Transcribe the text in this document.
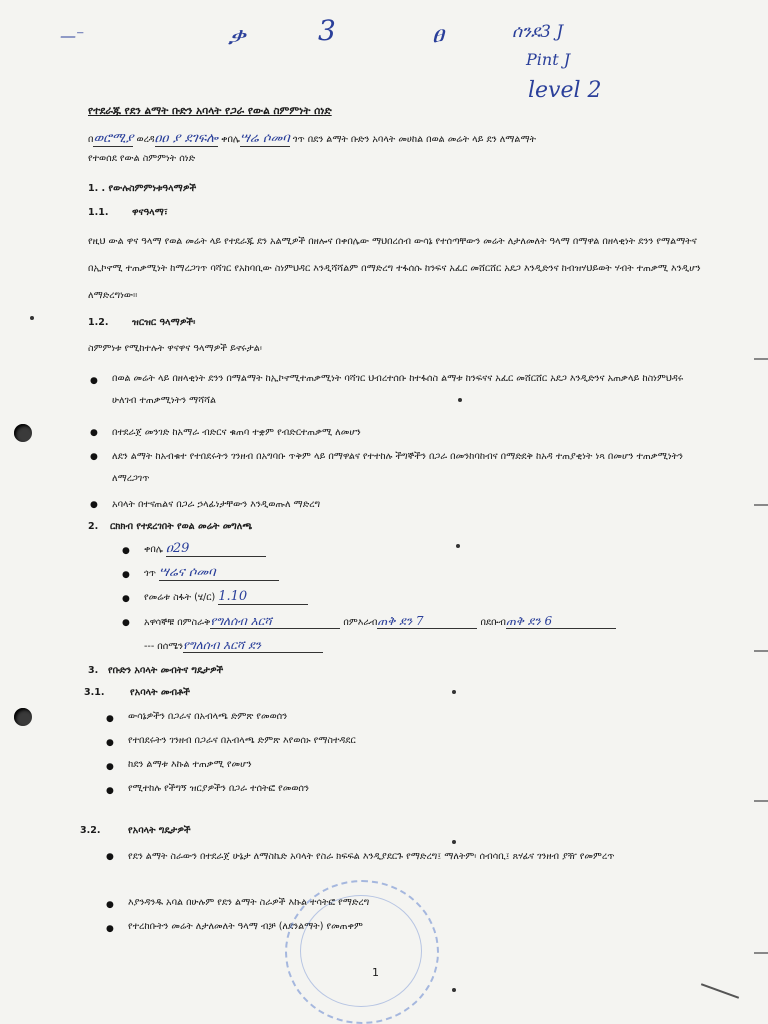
—⁻	ቃ	3	ፀ	ሰንደ3 J
Pint J
level 2
የተደራጁ የደን ልማት ቡድን አባላት የጋራ የውል ስምምነት ሰነድ
በወሮሚያ ወረዳዐዐ ያ ደገፍሎ ቀበሌሣሬ ሶመባ ጎጥ በደን ልማት ቡድን አባላት መሀከል በወል መሬት ላይ ደን ለማልማት
የተወሰደ የውል ስምምነት ሰነድ
1. . የውሉስምምነቱዓላማዎች
1.1. ዋናዓላማ፣
የዚህ ውል ዋና ዓላማ የወል መሬት ላይ የተደራጁ ደን አልሚዎች በዘሎና በቀበሌው ማህበረሰብ ውሳኔ የተሰጣቸውን መሬት ለታለመለት ዓላማ በማዋል በዘላቂነት ደንን የማልማትና በኢኮኖሚ ተጠቃሚነት ከማረጋገጥ ባሻገር የአከባቢው ስነምህዳር እንዲሻሻልም በማድረግ ተፋሰሱ ከንፍና አፈር መሸርሸር አደጋ እንዲድንና ከብዝሃህይወት ሃብት ተጠቃሚ እንዲሆን ለማድረግነው።
1.2. ዝርዝር ዓላማዎች፡
ስምምነቱ የሚከተሉት ዋናዋና ዓላማዎች ይኖሩታል፡
● በወል መሬት ላይ በዘላቂነት ደንን በማልማት ከኢኮኖሚተጠቃሚነት ባሻገር ህብረተሰቡ ከተፋሰስ ልማቱ ከንፍናና አፈር መሸርሸር አደጋ እንዲድንና አጠቃላይ ከስነምህዳሩ ሁለገብ ተጠቃሚነትን ማሻሻል
● በተደራጀ መንገድ ከአማራ ብድርና ቁጠባ ተቋም የብድርተጠቃሚ ለመሆን
● ለደን ልማት ከአብቁተ የተበደሩትን ገንዘብ በአግባቡ ጥቅም ላይ በማዋልና የተተከሉ ችግኞችን በጋራ በመንከባከብና በማድደቅ ከአዳ ተጠያቂነት ነጻ በመሆን ተጠቃሚነትን ለማረጋገጥ
● አባላት በተናጠልና በጋራ ኃላፊነታቸውን እንዲወጡለ ማድረግ
2. ርክክብ የተደረገበት የወል መሬት መግለጫ
● ቀበሌ ዐ29
● ጎጥ ሣሬና ሶመባ
● የመሬቱ ስፋት (ሄ/ር) 1.10
● አዋሳኞቹ በምስራቅየግለሰብ እርሻ	በምእራብጠቅ ደን 7	በደቡብጠቅ ደን 6
--- በሰሜንየግለሰብ እርሻ ደን
3. የቡድን አባላት መብትና ግዴታዎች
3.1.	የአባላት መብቶች
● ውሳኔዎችን በጋራና በአብላጫ ድምጽ የመወሰን
● የተበደሩትን ገንዘብ በጋራና በአብላጫ ድምጽ እየወሰኑ የማስተዳደር
● ከደን ልማቱ እኩል ተጠቃሚ የመሆን
● የሚተከሉ የችግኝ ዝርያዎችን በጋራ ተሰትፎ የመወሰን
3.2.	የአባላት ግዴታዎች
● የደን ልማት ስራውን በተደራጀ ሁኔታ ለማስኬድ አባላት የስራ ክፍፍል እንዲያደርጉ የማድረግ፤ ማለትም፡ ሰብሳቢ፤ ጸሃፊና ገንዘብ ያዥ የመምረጥ
● እያንዳንዱ አባል በሁሉም የደን ልማት ስራዎች እኩል ተሳትፎ የማድረግ
● የተረከቡትን መሬት ለታለመለት ዓላማ ብቻ (ለደንልማት) የመጠቀም
1
